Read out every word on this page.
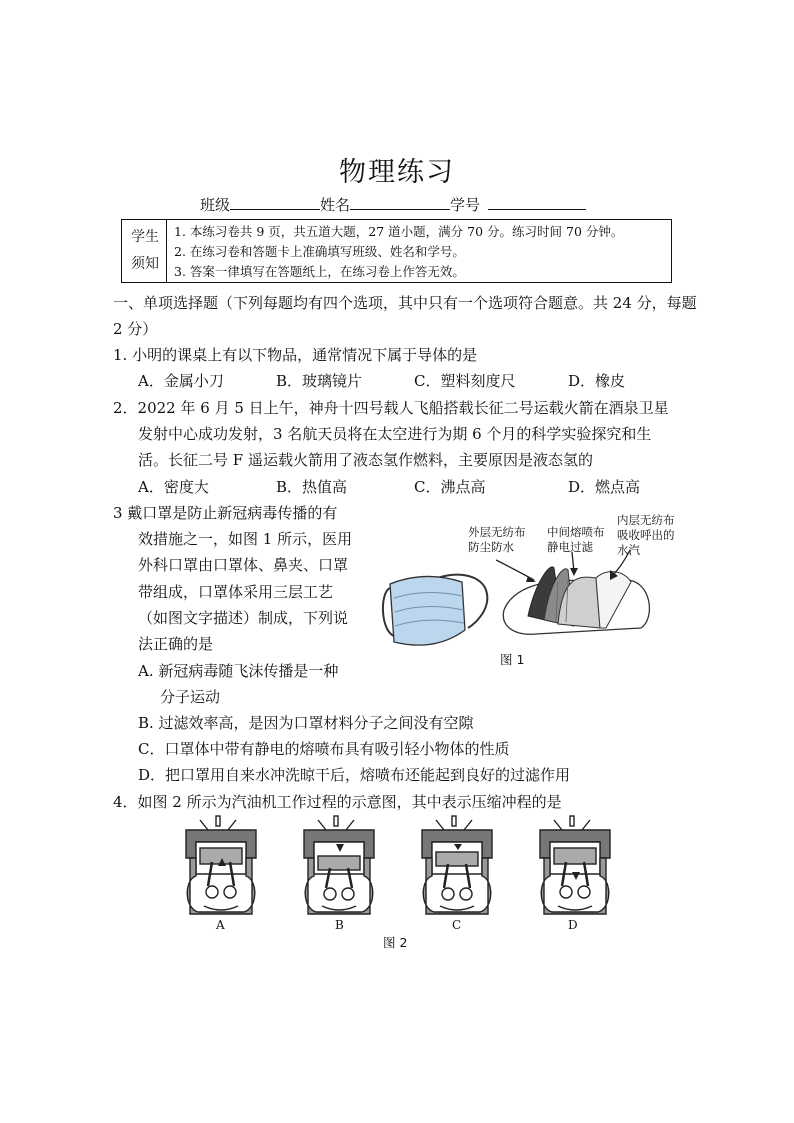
物理练习
班级	姓名	学号
学生
须知
1. 本练习卷共 9 页，共五道大题，27 道小题，满分 70 分。练习时间 70 分钟。
2. 在练习卷和答题卡上准确填写班级、姓名和学号。
3. 答案一律填写在答题纸上，在练习卷上作答无效。
一、单项选择题（下列每题均有四个选项，其中只有一个选项符合题意。共 24 分，每题
2 分）
1. 小明的课桌上有以下物品，通常情况下属于导体的是
A．金属小刀	B．玻璃镜片	C．塑料刻度尺	D．橡皮
2．2022 年 6 月 5 日上午，神舟十四号载人飞船搭载长征二号运载火箭在酒泉卫星
发射中心成功发射，3 名航天员将在太空进行为期 6 个月的科学实验探究和生
活。长征二号 F 遥运载火箭用了液态氢作燃料，主要原因是液态氢的
A．密度大	B．热值高	C．沸点高	D．燃点高
3 戴口罩是防止新冠病毒传播的有
效措施之一，如图 1 所示，医用
外科口罩由口罩体、鼻夹、口罩
带组成，口罩体采用三层工艺
（如图文字描述）制成，下列说
法正确的是
A. 新冠病毒随飞沫传播是一种
分子运动
B. 过滤效率高，是因为口罩材料分子之间没有空隙
C．口罩体中带有静电的熔喷布具有吸引轻小物体的性质
D．把口罩用自来水冲洗晾干后，熔喷布还能起到良好的过滤作用
外层无纺布
防尘防水
中间熔喷布
静电过滤
内层无纺布
吸收呼出的
水汽
图 1
4．如图 2 所示为汽油机工作过程的示意图，其中表示压缩冲程的是
A	B	C	D
图 2
